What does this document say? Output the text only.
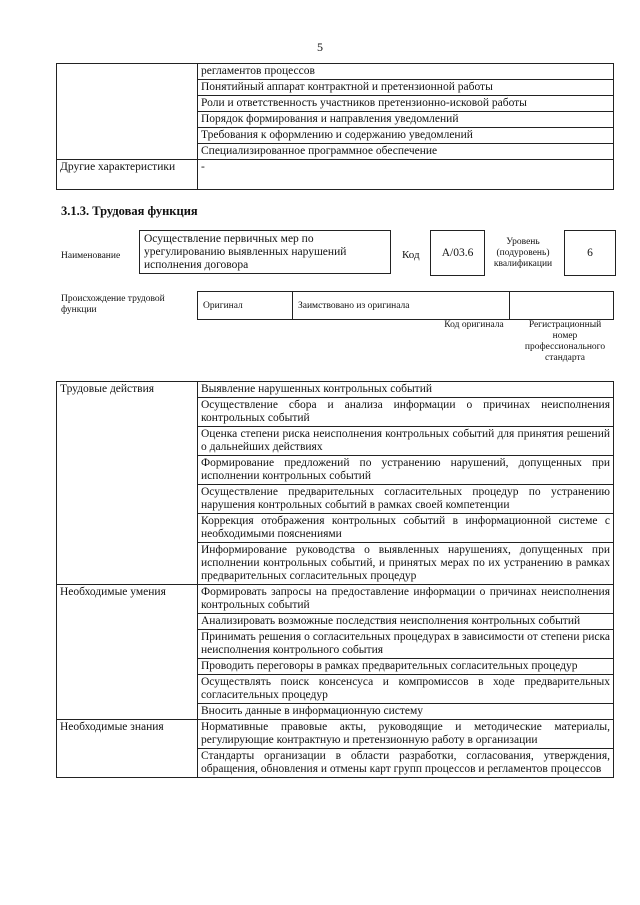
5
	регламентов процессов
	Понятийный аппарат контрактной и претензионной работы
	Роли и ответственность участников претензионно-исковой работы
	Порядок формирования и направления уведомлений
	Требования к оформлению и содержанию уведомлений
	Специализированное программное обеспечение
Другие характеристики	-
3.1.3. Трудовая функция
Наименование
Осуществление первичных мер по урегулированию выявленных нарушений исполнения договора
Код	А/03.6
Уровень (подуровень) квалификации
6
Происхождение трудовой функции	Оригинал	Заимствовано из оригинала	
Код оригинала	Регистрационный номер профессионального стандарта
Трудовые действия	Выявление нарушенных контрольных событий
	Осуществление сбора и анализа информации о причинах неисполнения контрольных событий
	Оценка степени риска неисполнения контрольных событий для принятия решений о дальнейших действиях
	Формирование предложений по устранению нарушений, допущенных при исполнении контрольных событий
	Осуществление предварительных согласительных процедур по устранению нарушения контрольных событий в рамках своей компетенции
	Коррекция отображения контрольных событий в информационной системе с необходимыми пояснениями
	Информирование руководства о выявленных нарушениях, допущенных при исполнении контрольных событий, и принятых мерах по их устранению в рамках предварительных согласительных процедур
Необходимые умения	Формировать запросы на предоставление информации о причинах неисполнения контрольных событий
	Анализировать возможные последствия неисполнения контрольных событий
	Принимать решения о согласительных процедурах в зависимости от степени риска неисполнения контрольного события
	Проводить переговоры в рамках предварительных согласительных процедур
	Осуществлять поиск консенсуса и компромиссов в ходе предварительных согласительных процедур
	Вносить данные в информационную систему
Необходимые знания	Нормативные правовые акты, руководящие и методические материалы, регулирующие контрактную и претензионную работу в организации
	Стандарты организации в области разработки, согласования, утверждения, обращения, обновления и отмены карт групп процессов и регламентов процессов
